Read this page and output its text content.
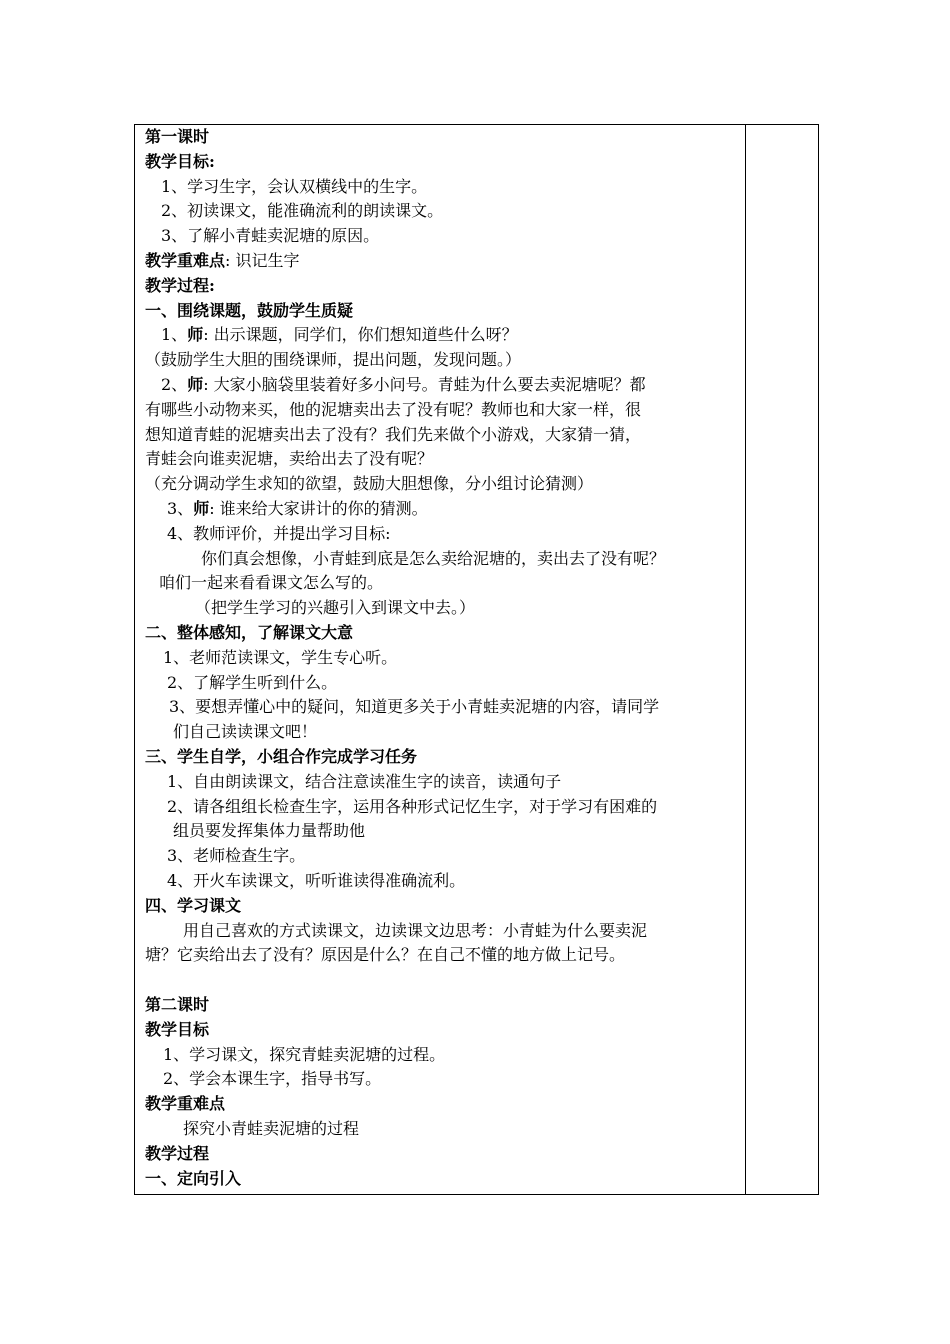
第一课时
教学目标:
1、学习生字，会认双横线中的生字。
2、初读课文，能准确流利的朗读课文。
3、了解小青蛙卖泥塘的原因。
教学重难点: 识记生字
教学过程:
一、围绕课题，鼓励学生质疑
1、师: 出示课题，同学们，你们想知道些什么呀？
（鼓励学生大胆的围绕课师，提出问题，发现问题。）
2、师: 大家小脑袋里装着好多小问号。青蛙为什么要去卖泥塘呢？都
有哪些小动物来买，他的泥塘卖出去了没有呢？教师也和大家一样，很
想知道青蛙的泥塘卖出去了没有？我们先来做个小游戏，大家猜一猜，
青蛙会向谁卖泥塘，卖给出去了没有呢？
（充分调动学生求知的欲望，鼓励大胆想像，分小组讨论猜测）
3、师: 谁来给大家讲计的你的猜测。
4、教师评价，并提出学习目标:
你们真会想像，小青蛙到底是怎么卖给泥塘的，卖出去了没有呢？
咱们一起来看看课文怎么写的。
（把学生学习的兴趣引入到课文中去。）
二、整体感知，了解课文大意
1、老师范读课文，学生专心听。
2、了解学生听到什么。
3、要想弄懂心中的疑问，知道更多关于小青蛙卖泥塘的内容，请同学
们自己读读课文吧！
三、学生自学，小组合作完成学习任务
1、自由朗读课文，结合注意读准生字的读音，读通句子
2、请各组组长检查生字，运用各种形式记忆生字，对于学习有困难的
组员要发挥集体力量帮助他
3、老师检查生字。
4、开火车读课文，听听谁读得准确流利。
四、学习课文
用自己喜欢的方式读课文，边读课文边思考：小青蛙为什么要卖泥
塘？它卖给出去了没有？原因是什么？在自己不懂的地方做上记号。
第二课时
教学目标
1、学习课文，探究青蛙卖泥塘的过程。
2、学会本课生字，指导书写。
教学重难点
探究小青蛙卖泥塘的过程
教学过程
一、定向引入
